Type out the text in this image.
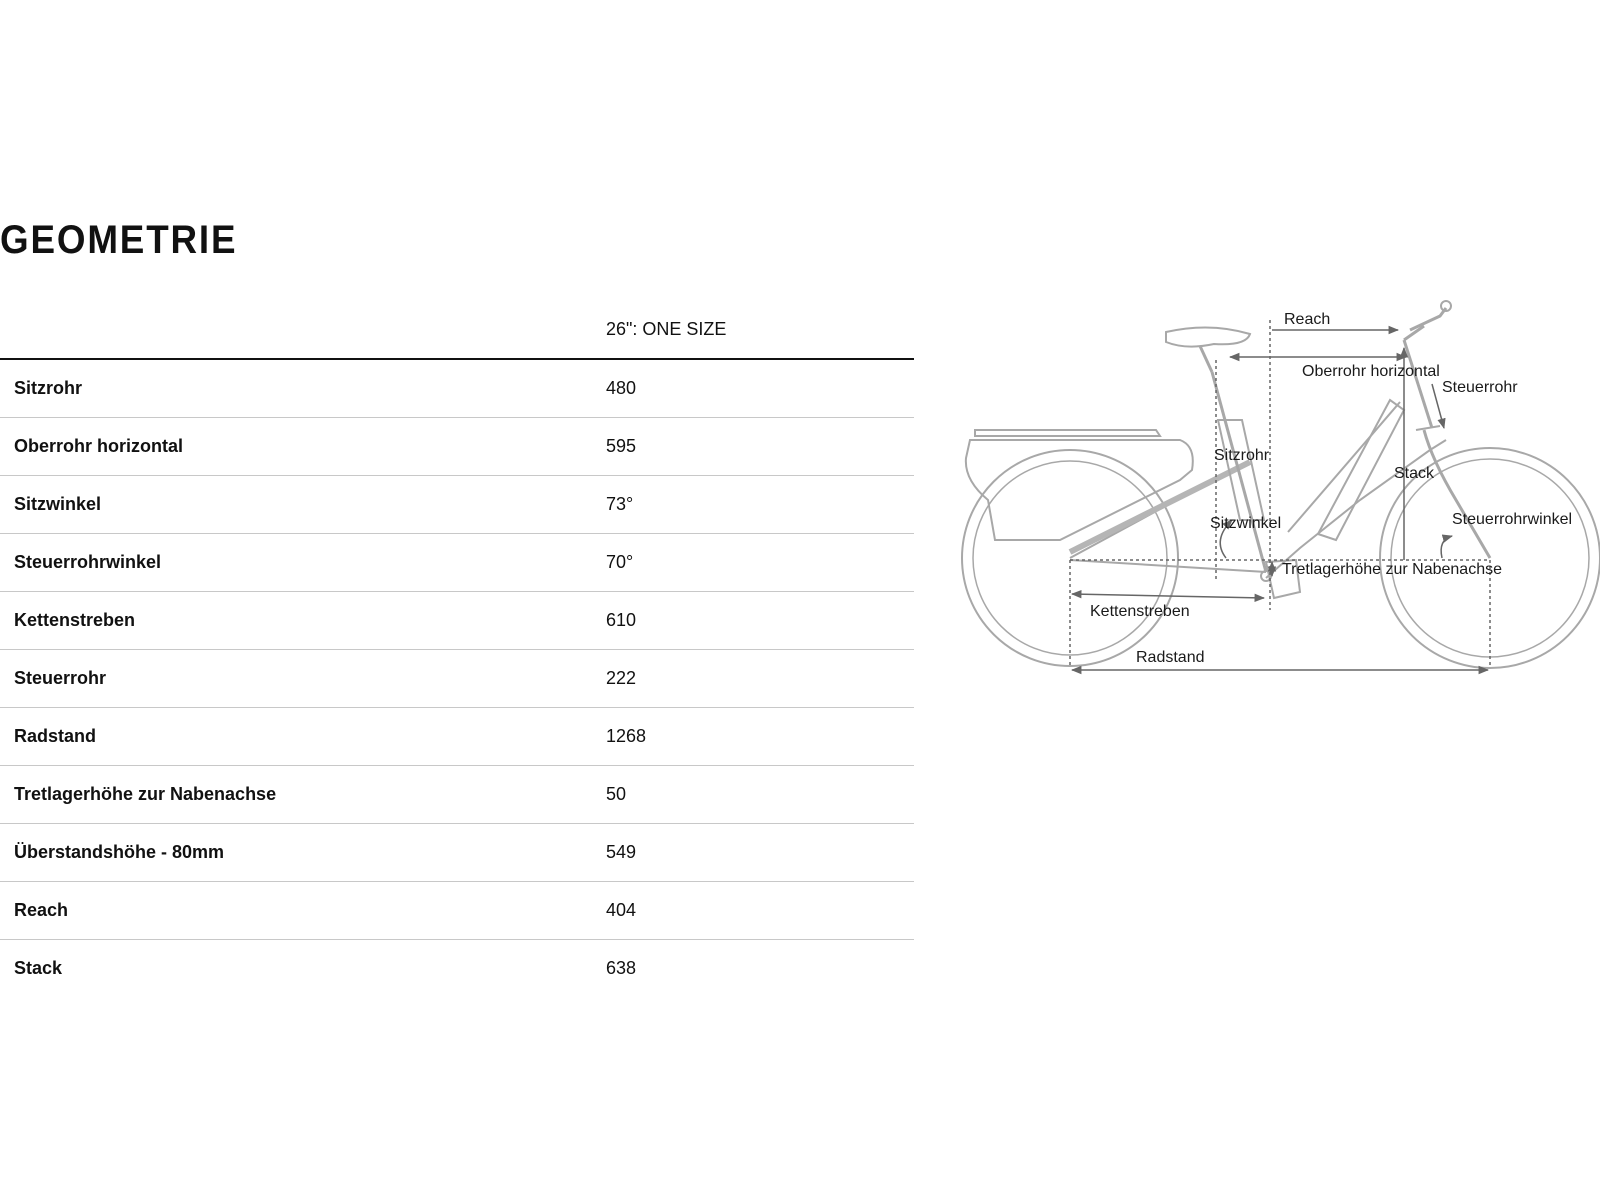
GEOMETRIE
	26": ONE SIZE
Sitzrohr	480
Oberrohr horizontal	595
Sitzwinkel	73°
Steuerrohrwinkel	70°
Kettenstreben	610
Steuerrohr	222
Radstand	1268
Tretlagerhöhe zur Nabenachse	50
Überstandshöhe - 80mm	549
Reach	404
Stack	638
Reach
Oberrohr horizontal
Steuerrohr
Sitzrohr
Stack
Sitzwinkel	Steuerrohrwinkel
Tretlagerhöhe zur Nabenachse
Kettenstreben
Radstand
